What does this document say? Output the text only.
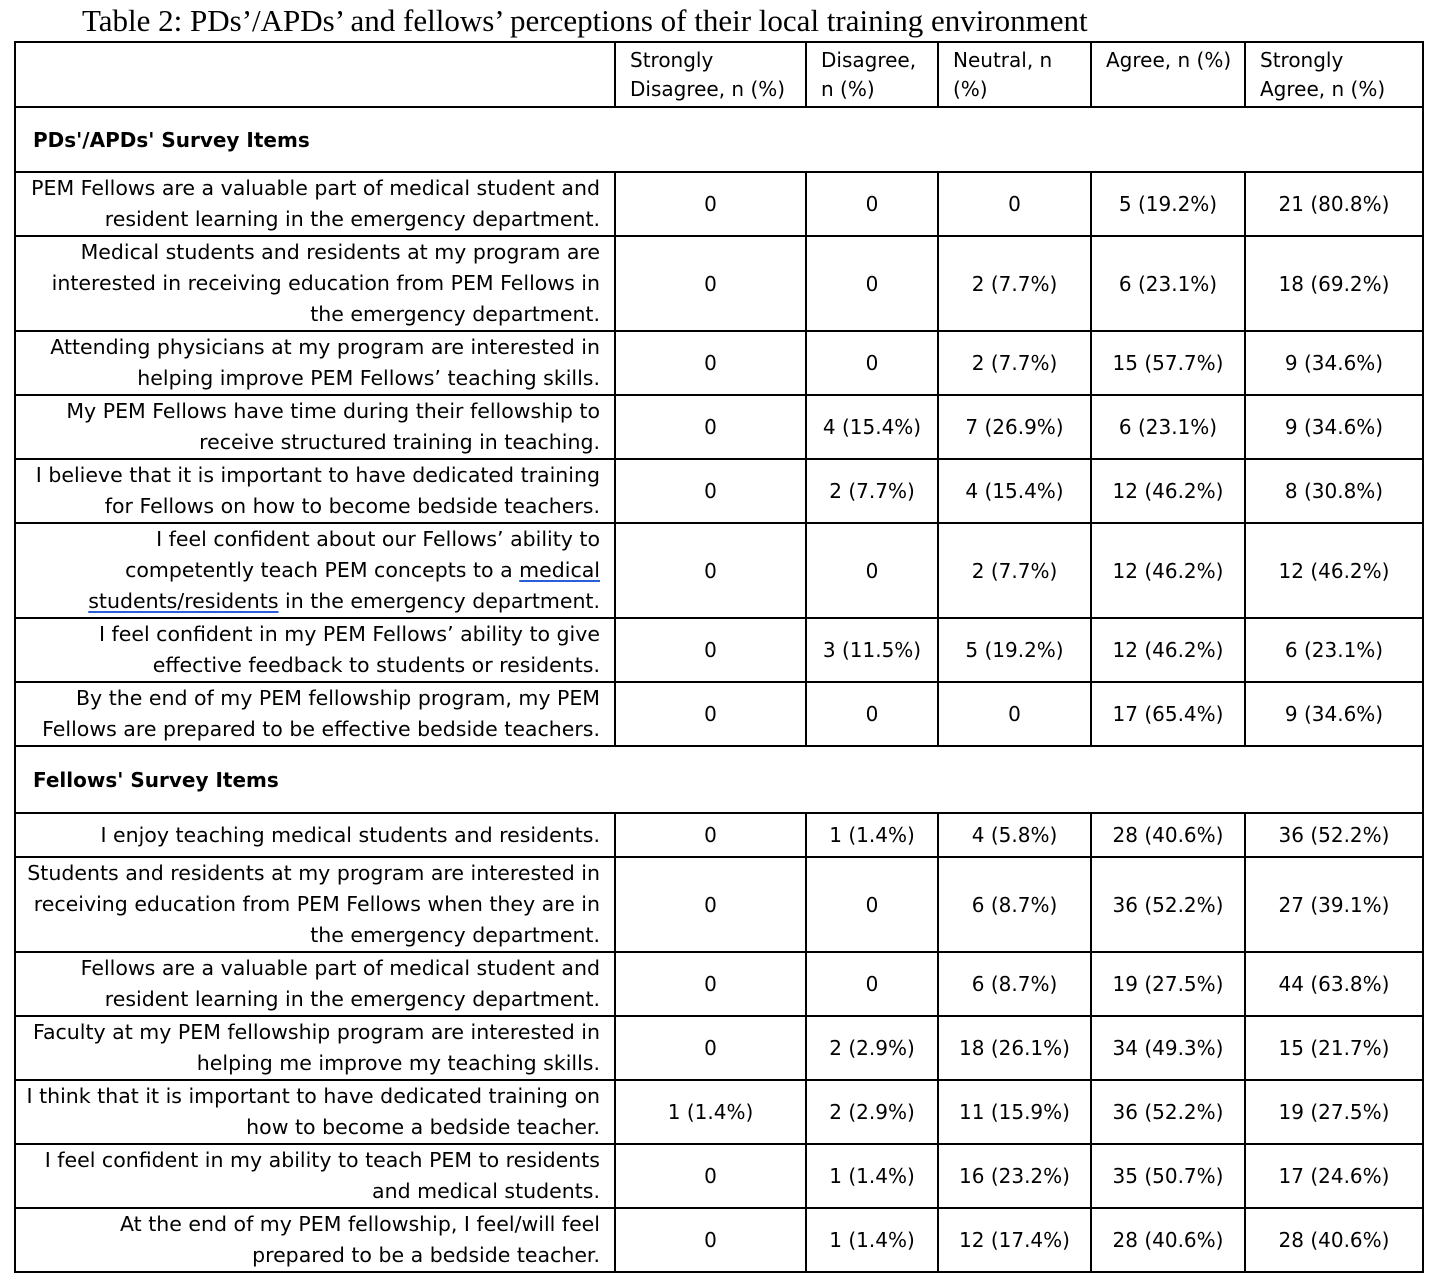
Table 2: PDs’/APDs’ and fellows’ perceptions of their local training environment
	Strongly Disagree, n (%)	Disagree, n (%)	Neutral, n (%)	Agree, n (%)	Strongly Agree, n (%)
PDs'/APDs' Survey Items					
PEM Fellows are a valuable part of medical student and resident learning in the emergency department.	0	0	0	5 (19.2%)	21 (80.8%)
Medical students and residents at my program are interested in receiving education from PEM Fellows in the emergency department.	0	0	2 (7.7%)	6 (23.1%)	18 (69.2%)
Attending physicians at my program are interested in helping improve PEM Fellows’ teaching skills.	0	0	2 (7.7%)	15 (57.7%)	9 (34.6%)
My PEM Fellows have time during their fellowship to receive structured training in teaching.	0	4 (15.4%)	7 (26.9%)	6 (23.1%)	9 (34.6%)
I believe that it is important to have dedicated training for Fellows on how to become bedside teachers.	0	2 (7.7%)	4 (15.4%)	12 (46.2%)	8 (30.8%)
I feel confident about our Fellows’ ability to competently teach PEM concepts to a medical students/residents in the emergency department.	0	0	2 (7.7%)	12 (46.2%)	12 (46.2%)
I feel confident in my PEM Fellows’ ability to give effective feedback to students or residents.	0	3 (11.5%)	5 (19.2%)	12 (46.2%)	6 (23.1%)
By the end of my PEM fellowship program, my PEM Fellows are prepared to be effective bedside teachers.	0	0	0	17 (65.4%)	9 (34.6%)
Fellows' Survey Items					
I enjoy teaching medical students and residents.	0	1 (1.4%)	4 (5.8%)	28 (40.6%)	36 (52.2%)
Students and residents at my program are interested in receiving education from PEM Fellows when they are in the emergency department.	0	0	6 (8.7%)	36 (52.2%)	27 (39.1%)
Fellows are a valuable part of medical student and resident learning in the emergency department.	0	0	6 (8.7%)	19 (27.5%)	44 (63.8%)
Faculty at my PEM fellowship program are interested in helping me improve my teaching skills.	0	2 (2.9%)	18 (26.1%)	34 (49.3%)	15 (21.7%)
I think that it is important to have dedicated training on how to become a bedside teacher.	1 (1.4%)	2 (2.9%)	11 (15.9%)	36 (52.2%)	19 (27.5%)
I feel confident in my ability to teach PEM to residents and medical students.	0	1 (1.4%)	16 (23.2%)	35 (50.7%)	17 (24.6%)
At the end of my PEM fellowship, I feel/will feel prepared to be a bedside teacher.	0	1 (1.4%)	12 (17.4%)	28 (40.6%)	28 (40.6%)
